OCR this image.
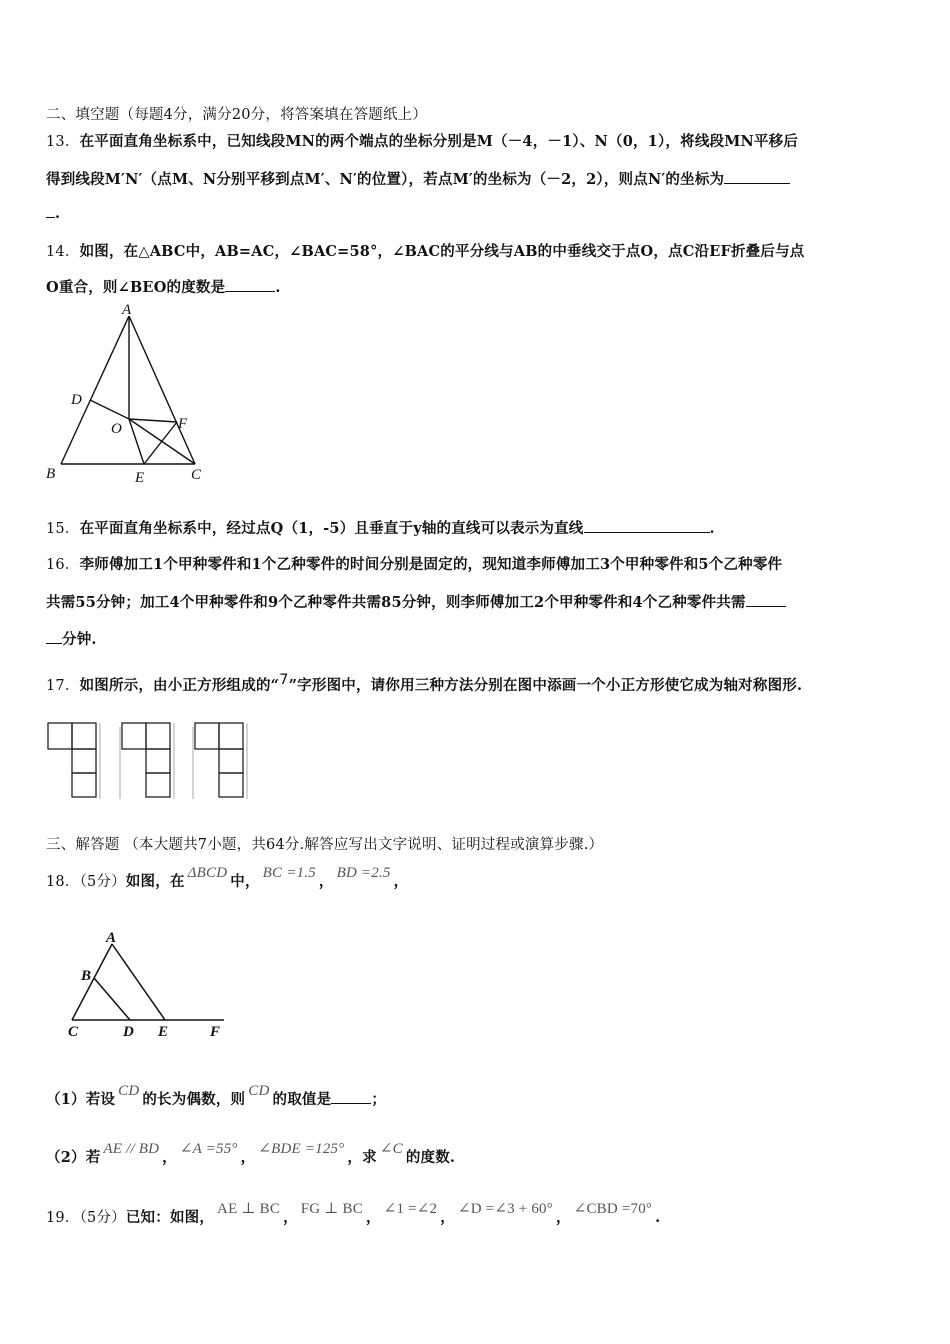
二、填空题（每题4分，满分20分，将答案填在答题纸上）
13．在平面直角坐标系中，已知线段MN的两个端点的坐标分别是M（－4，－1）、N（0，1），将线段MN平移后
得到线段M′N′（点M、N分别平移到点M′、N′的位置），若点M′的坐标为（－2，2），则点N′的坐标为
.
14．如图，在△ABC中，AB=AC，∠BAC=58°，∠BAC的平分线与AB的中垂线交于点O，点C沿EF折叠后与点
O重合，则∠BEO的度数是	.
A
B	C
D
E
F
O
15．在平面直角坐标系中，经过点Q（1，-5）且垂直于y轴的直线可以表示为直线	.
16．李师傅加工1个甲种零件和1个乙种零件的时间分别是固定的，现知道李师傅加工3个甲种零件和5个乙种零件
共需55分钟；加工4个甲种零件和9个乙种零件共需85分钟，则李师傅加工2个甲种零件和4个乙种零件共需
分钟.
17．如图所示，由小正方形组成的“7”字形图中，请你用三种方法分别在图中添画一个小正方形使它成为轴对称图形.
三、解答题 （本大题共7小题，共64分.解答应写出文字说明、证明过程或演算步骤.）
18．（5分）如图，在 ΔBCD 中， BC =1.5 ， BD =2.5 ，
A
B
C	D E	F
（1）若设 CD 的长为偶数，则 CD 的取值是	；
（2）若 AE // BD ， ∠A =55° ， ∠BDE =125° ，求 ∠C 的度数.
19．（5分）已知：如图， AE ⊥ BC ， FG ⊥ BC ， ∠1 =∠2 ， ∠D =∠3 + 60° ， ∠CBD =70° .
